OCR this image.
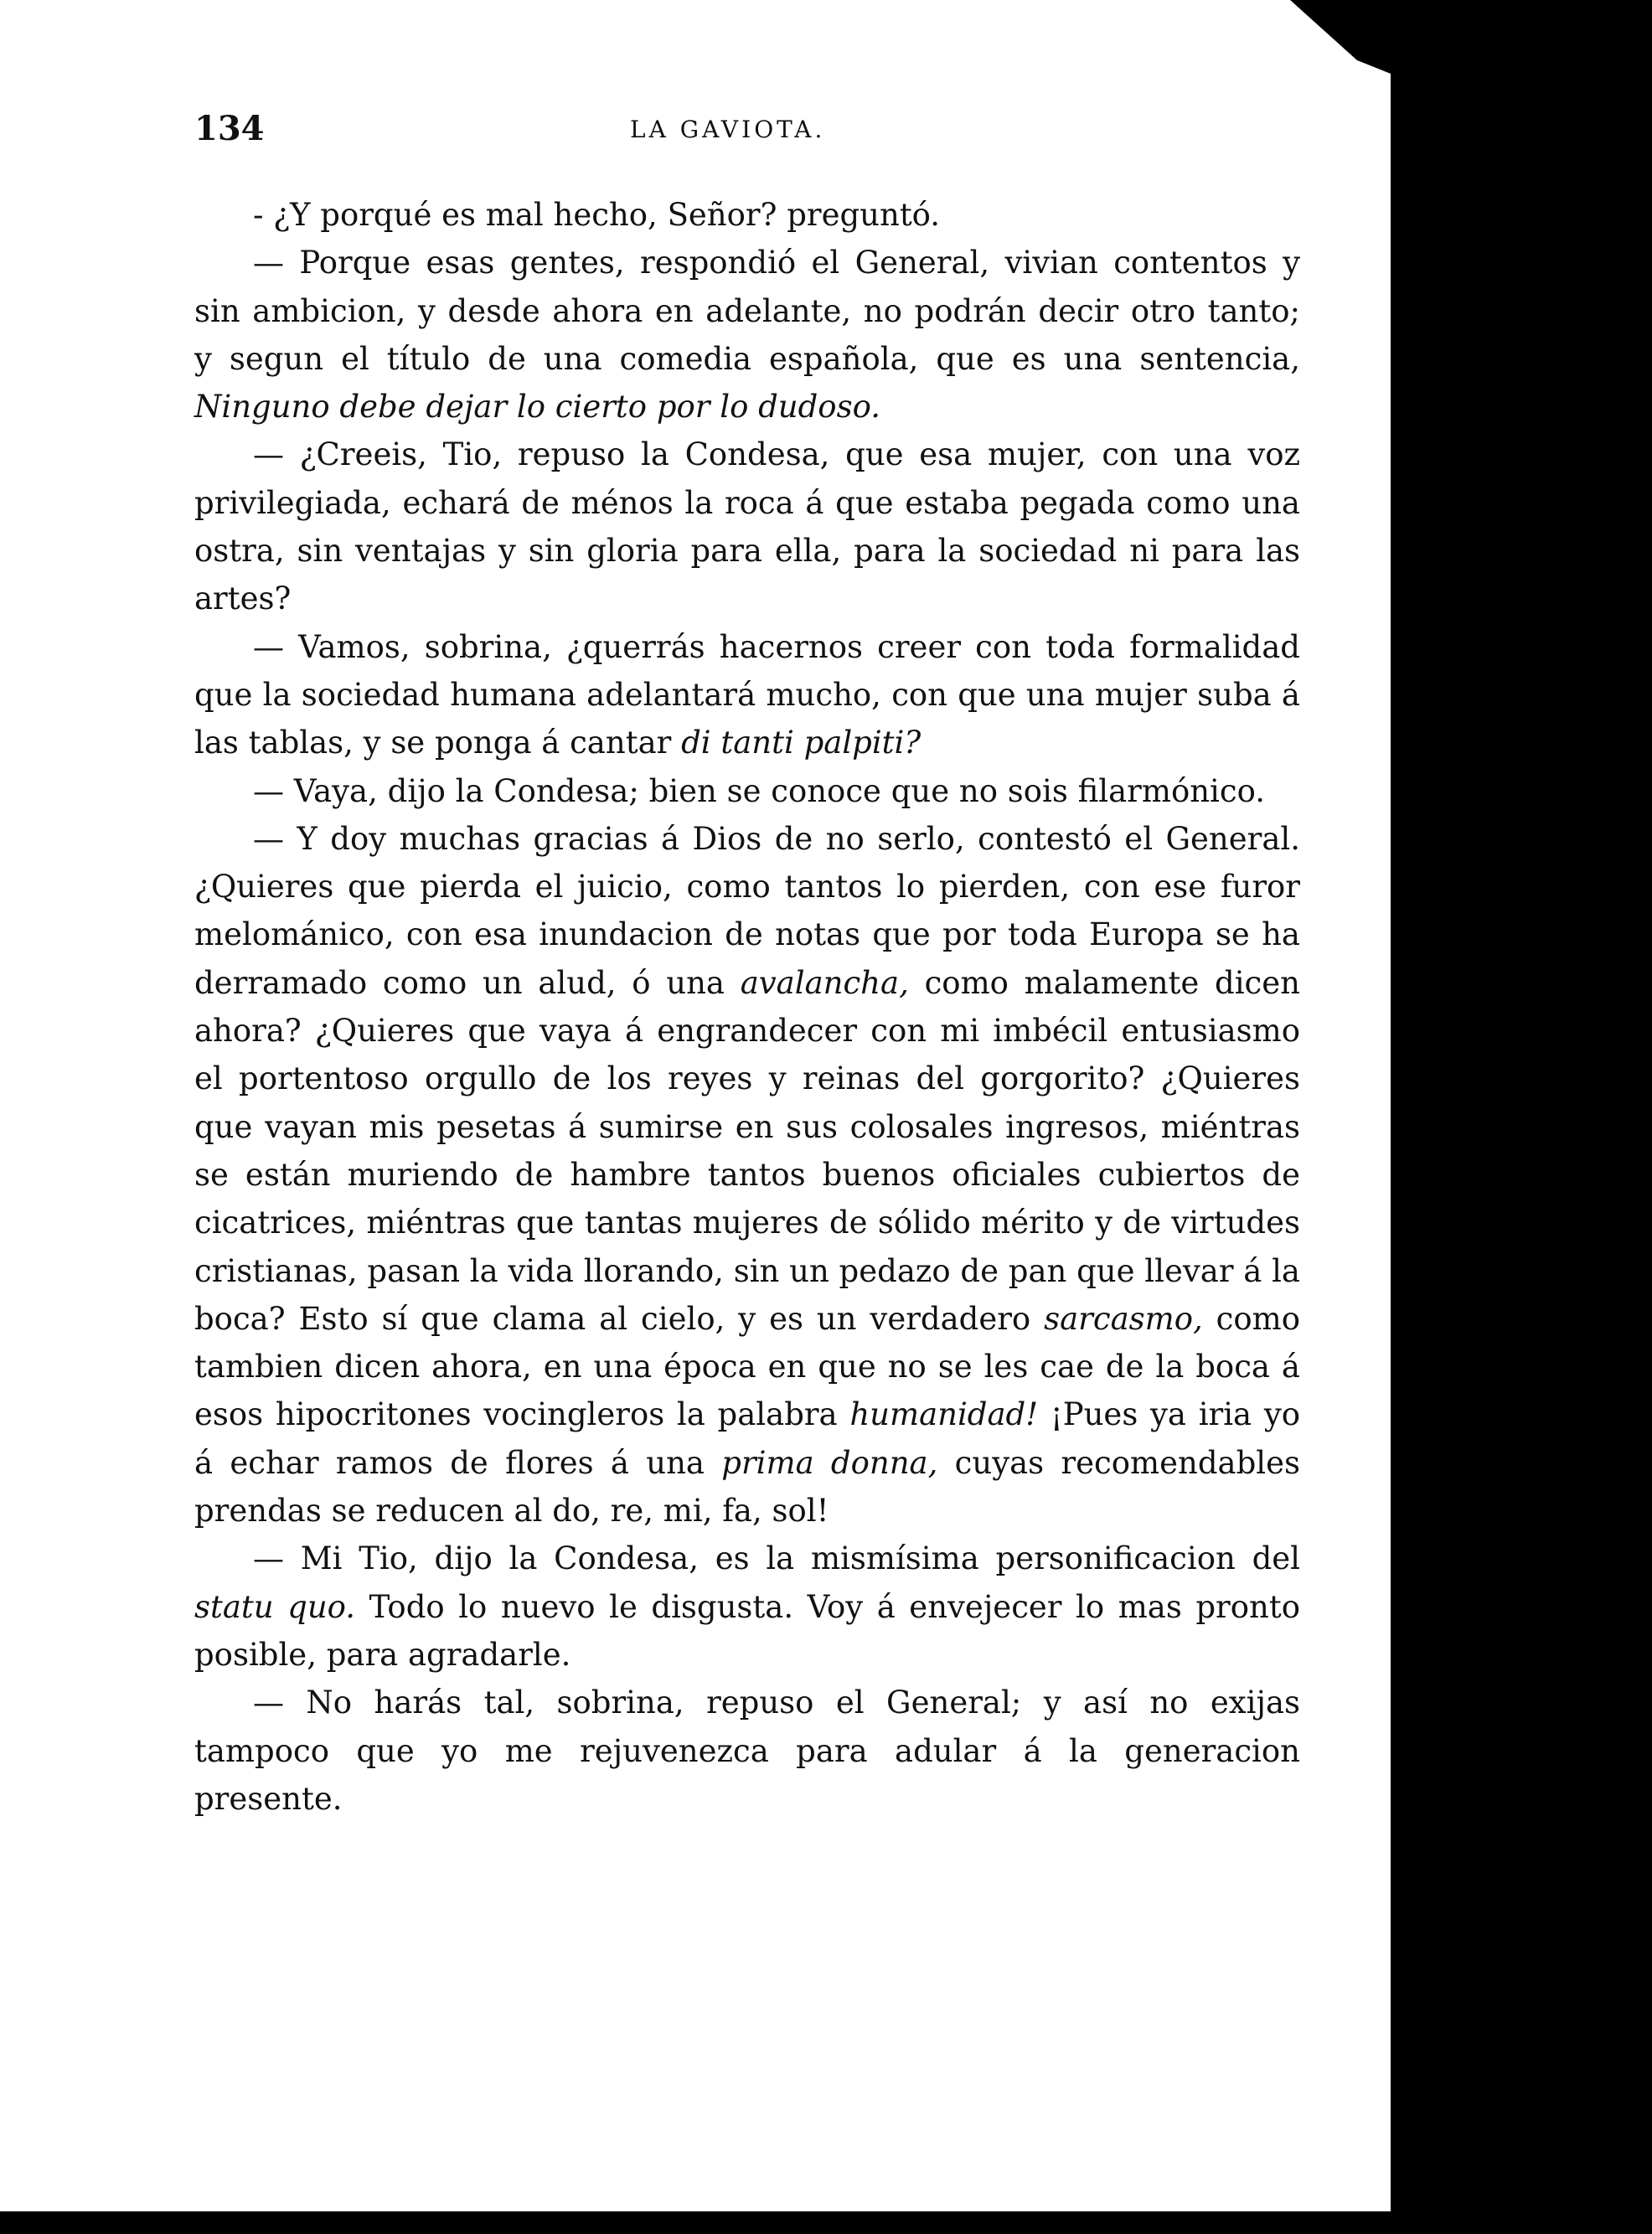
134	LA GAVIOTA.

- ¿Y porqué es mal hecho, Señor? preguntó.

— Porque esas gentes, respondió el General, vivian contentos y sin ambicion, y desde ahora en adelante, no podrán decir otro tanto; y segun el título de una comedia española, que es una sentencia, Ninguno debe dejar lo cierto por lo dudoso.

— ¿Creeis, Tio, repuso la Condesa, que esa mujer, con una voz privilegiada, echará de ménos la roca á que estaba pegada como una ostra, sin ventajas y sin gloria para ella, para la sociedad ni para las artes?

— Vamos, sobrina, ¿querrás hacernos creer con toda formalidad que la sociedad humana adelantará mucho, con que una mujer suba á las tablas, y se ponga á cantar di tanti palpiti?

— Vaya, dijo la Condesa; bien se conoce que no sois filarmónico.

— Y doy muchas gracias á Dios de no serlo, contestó el General. ¿Quieres que pierda el juicio, como tantos lo pierden, con ese furor melománico, con esa inundacion de notas que por toda Europa se ha derramado como un alud, ó una avalancha, como malamente dicen ahora? ¿Quieres que vaya á engrandecer con mi imbécil entusiasmo el portentoso orgullo de los reyes y reinas del gorgorito? ¿Quieres que vayan mis pesetas á sumirse en sus colosales ingresos, miéntras se están muriendo de hambre tantos buenos oficiales cubiertos de cicatrices, miéntras que tantas mujeres de sólido mérito y de virtudes cristianas, pasan la vida llorando, sin un pedazo de pan que llevar á la boca? Esto sí que clama al cielo, y es un verdadero sarcasmo, como tambien dicen ahora, en una época en que no se les cae de la boca á esos hipocritones vocingleros la palabra humanidad! ¡Pues ya iria yo á echar ramos de flores á una prima donna, cuyas recomendables prendas se reducen al do, re, mi, fa, sol!

— Mi Tio, dijo la Condesa, es la mismísima personificacion del statu quo. Todo lo nuevo le disgusta. Voy á envejecer lo mas pronto posible, para agradarle.

— No harás tal, sobrina, repuso el General; y así no exijas tampoco que yo me rejuvenezca para adular á la generacion presente.
